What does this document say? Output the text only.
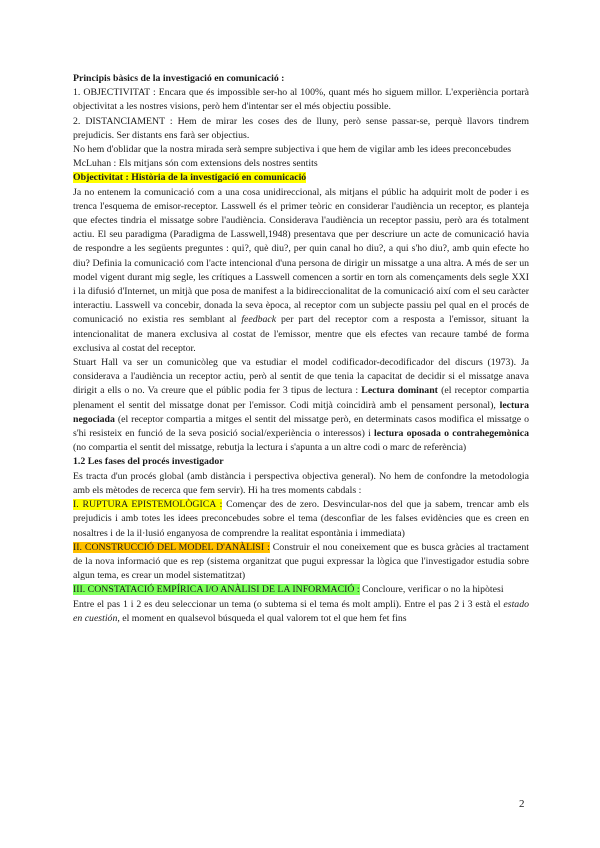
Principis bàsics de la investigació en comunicació :

1. OBJECTIVITAT : Encara que és impossible ser-ho al 100%, quant més ho siguem millor. L'experiència portarà objectivitat a les nostres visions, però hem d'intentar ser el més objectiu possible.

2. DISTANCIAMENT : Hem de mirar les coses des de lluny, però sense passar-se, perquè llavors tindrem prejudicis. Ser distants ens farà ser objectius.

No hem d'oblidar que la nostra mirada serà sempre subjectiva i que hem de vigilar amb les idees preconcebudes

McLuhan : Els mitjans són com extensions dels nostres sentits

Objectivitat : Història de la investigació en comunicació

Ja no entenem la comunicació com a una cosa unidireccional, als mitjans el públic ha adquirit molt de poder i es trenca l'esquema de emisor-receptor. Lasswell és el primer teòric en considerar l'audiència un receptor, es planteja que efectes tindria el missatge sobre l'audiència. Considerava l'audiència un receptor passiu, però ara és totalment actiu. El seu paradigma (Paradigma de Lasswell,1948) presentava que per descriure un acte de comunicació havia de respondre a les següents preguntes : qui?, què diu?, per quin canal ho diu?, a qui s'ho diu?, amb quin efecte ho diu? Definia la comunicació com l'acte intencional d'una persona de dirigir un missatge a una altra. A més de ser un model vigent durant mig segle, les crítiques a Lasswell comencen a sortir en torn als començaments dels segle XXI i la difusió d'Internet, un mitjà que posa de manifest a la bidireccionalitat de la comunicació així com el seu caràcter interactiu. Lasswell va concebir, donada la seva època, al receptor com un subjecte passiu pel qual en el procés de comunicació no existia res semblant al feedback per part del receptor com a resposta a l'emissor, situant la intencionalitat de manera exclusiva al costat de l'emissor, mentre que els efectes van recaure també de forma exclusiva al costat del receptor.

Stuart Hall va ser un comunicòleg que va estudiar el model codificador-decodificador del discurs (1973). Ja considerava a l'audiència un receptor actiu, però al sentit de que tenia la capacitat de decidir si el missatge anava dirigit a ells o no. Va creure que el públic podia fer 3 tipus de lectura : Lectura dominant (el receptor compartia plenament el sentit del missatge donat per l'emissor. Codi mitjà coincidirà amb el pensament personal), lectura negociada (el receptor compartia a mitges el sentit del missatge però, en determinats casos modifica el missatge o s'hi resisteix en funció de la seva posició social/experiència o interessos) i lectura oposada o contrahegemònica (no compartia el sentit del missatge, rebutja la lectura i s'apunta a un altre codi o marc de referència)

1.2 Les fases del procés investigador

Es tracta d'un procés global (amb distància i perspectiva objectiva general). No hem de confondre la metodologia amb els mètodes de recerca que fem servir). Hi ha tres moments cabdals :

I. RUPTURA EPISTEMOLÒGICA : Començar des de zero. Desvincular-nos del que ja sabem, trencar amb els prejudicis i amb totes les idees preconcebudes sobre el tema (desconfiar de les falses evidències que es creen en nosaltres i de la il·lusió enganyosa de comprendre la realitat espontània i immediata)

II. CONSTRUCCIÓ DEL MODEL D'ANÀLISI : Construir el nou coneixement que es busca gràcies al tractament de la nova informació que es rep (sistema organitzat que pugui expressar la lògica que l'investigador estudia sobre algun tema, es crear un model sistematitzat)

III. CONSTATACIÓ EMPÍRICA I/O ANÀLISI DE LA INFORMACIÓ : Concloure, verificar o no la hipòtesi

Entre el pas 1 i 2 es deu seleccionar un tema (o subtema si el tema és molt ampli). Entre el pas 2 i 3 està el estado en cuestión, el moment en qualsevol búsqueda el qual valorem tot el que hem fet fins

2
